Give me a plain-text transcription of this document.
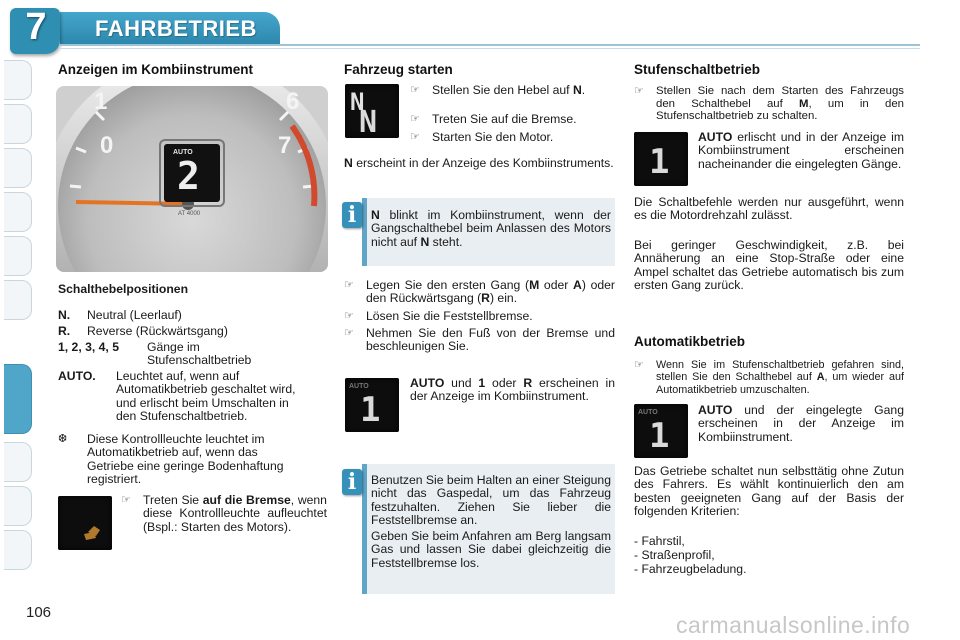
7	FAHRBETRIEB
Anzeigen im Kombiinstrument
1	6
0	7
AUTO
2
AT 4000
Schalthebelpositionen
N. Neutral (Leerlauf)
R. Reverse (Rückwärtsgang)
1, 2, 3, 4, 5 Gänge im Stufenschaltbetrieb
AUTO. Leuchtet auf, wenn auf Automatikbetrieb geschaltet wird, und erlischt beim Umschalten in den Stufenschaltbetrieb.
❆ Diese Kontrollleuchte leuchtet im Automatikbetrieb auf, wenn das Getriebe eine geringe Bodenhaftung registriert.
☞ Treten Sie auf die Bremse, wenn diese Kontrollleuchte aufleuchtet (Bspl.: Starten des Motors).
Fahrzeug starten
N
N
☞ Stellen Sie den Hebel auf N.
☞ Treten Sie auf die Bremse.
☞ Starten Sie den Motor.
N erscheint in der Anzeige des Kombiinstruments.
N blinkt im Kombiinstrument, wenn der Gangschalthebel beim Anlassen des Motors nicht auf N steht.
i
☞ Legen Sie den ersten Gang (M oder A) oder den Rückwärtsgang (R) ein.
☞ Lösen Sie die Feststellbremse.
☞ Nehmen Sie den Fuß von der Bremse und beschleunigen Sie.
AUTO
1
AUTO und 1 oder R erscheinen in der Anzeige im Kombiinstrument.
Benutzen Sie beim Halten an einer Steigung nicht das Gaspedal, um das Fahrzeug festzuhalten. Ziehen Sie lieber die Feststellbremse an.
Geben Sie beim Anfahren am Berg langsam Gas und lassen Sie dabei gleichzeitig die Feststellbremse los.
i
Stufenschaltbetrieb
☞	Stellen Sie nach dem Starten des Fahrzeugs den Schalthebel auf M, um in den Stufenschaltbetrieb zu schalten.
1
AUTO erlischt und in der Anzeige im Kombiinstrument erscheinen nacheinander die eingelegten Gänge.
Die Schaltbefehle werden nur ausgeführt, wenn es die Motordrehzahl zulässt.
Bei geringer Geschwindigkeit, z.B. bei Annäherung an eine Stop-Straße oder eine Ampel schaltet das Getriebe automatisch bis zum ersten Gang zurück.
Automatikbetrieb
☞	Wenn Sie im Stufenschaltbetrieb gefahren sind, stellen Sie den Schalthebel auf A, um wieder auf Automatikbetrieb umzuschalten.
AUTO
1
AUTO und der eingelegte Gang erscheinen in der Anzeige im Kombiinstrument.
Das Getriebe schaltet nun selbsttätig ohne Zutun des Fahrers. Es wählt kontinuierlich den am besten geeigneten Gang auf der Basis der folgenden Kriterien:
- Fahrstil,
- Straßenprofil,
- Fahrzeugbeladung.
106	carmanualsonline.info
